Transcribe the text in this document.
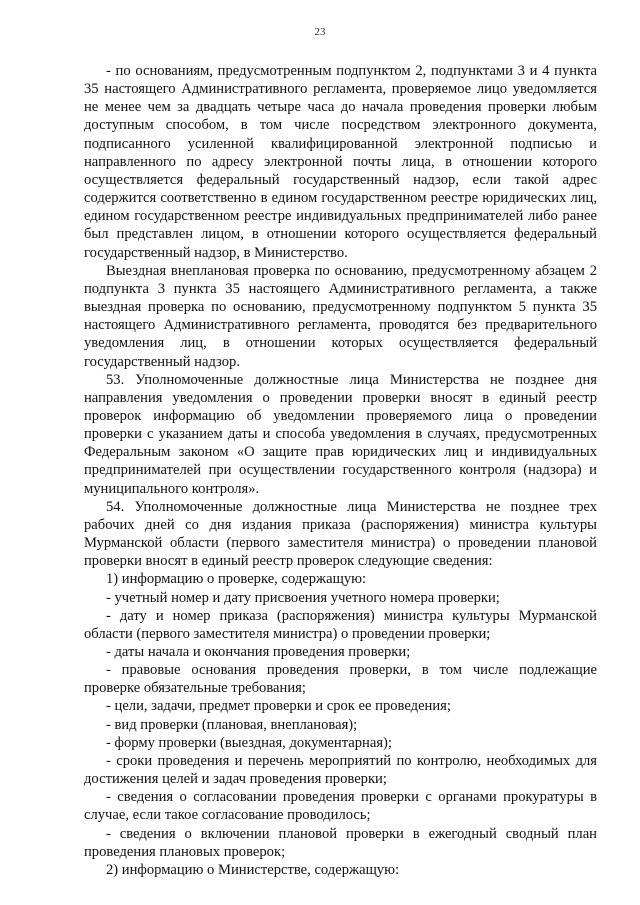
23

- по основаниям, предусмотренным подпунктом 2, подпунктами 3 и 4 пункта 35 настоящего Административного регламента, проверяемое лицо уведомляется не менее чем за двадцать четыре часа до начала проведения проверки любым доступным способом, в том числе посредством электронного документа, подписанного усиленной квалифицированной электронной подписью и направленного по адресу электронной почты лица, в отношении которого осуществляется федеральный государственный надзор, если такой адрес содержится соответственно в едином государственном реестре юридических лиц, едином государственном реестре индивидуальных предпринимателей либо ранее был представлен лицом, в отношении которого осуществляется федеральный государственный надзор, в Министерство.

Выездная внеплановая проверка по основанию, предусмотренному абзацем 2 подпункта 3 пункта 35 настоящего Административного регламента, а также выездная проверка по основанию, предусмотренному подпунктом 5 пункта 35 настоящего Административного регламента, проводятся без предварительного уведомления лиц, в отношении которых осуществляется федеральный государственный надзор.

53. Уполномоченные должностные лица Министерства не позднее дня направления уведомления о проведении проверки вносят в единый реестр проверок информацию об уведомлении проверяемого лица о проведении проверки с указанием даты и способа уведомления в случаях, предусмотренных Федеральным законом «О защите прав юридических лиц и индивидуальных предпринимателей при осуществлении государственного контроля (надзора) и муниципального контроля».

54. Уполномоченные должностные лица Министерства не позднее трех рабочих дней со дня издания приказа (распоряжения) министра культуры Мурманской области (первого заместителя министра) о проведении плановой проверки вносят в единый реестр проверок следующие сведения:

1) информацию о проверке, содержащую:

- учетный номер и дату присвоения учетного номера проверки;

- дату и номер приказа (распоряжения) министра культуры Мурманской области (первого заместителя министра) о проведении проверки;

- даты начала и окончания проведения проверки;

- правовые основания проведения проверки, в том числе подлежащие проверке обязательные требования;

- цели, задачи, предмет проверки и срок ее проведения;

- вид проверки (плановая, внеплановая);

- форму проверки (выездная, документарная);

- сроки проведения и перечень мероприятий по контролю, необходимых для достижения целей и задач проведения проверки;

- сведения о согласовании проведения проверки с органами прокуратуры в случае, если такое согласование проводилось;

- сведения о включении плановой проверки в ежегодный сводный план проведения плановых проверок;

2) информацию о Министерстве, содержащую:
